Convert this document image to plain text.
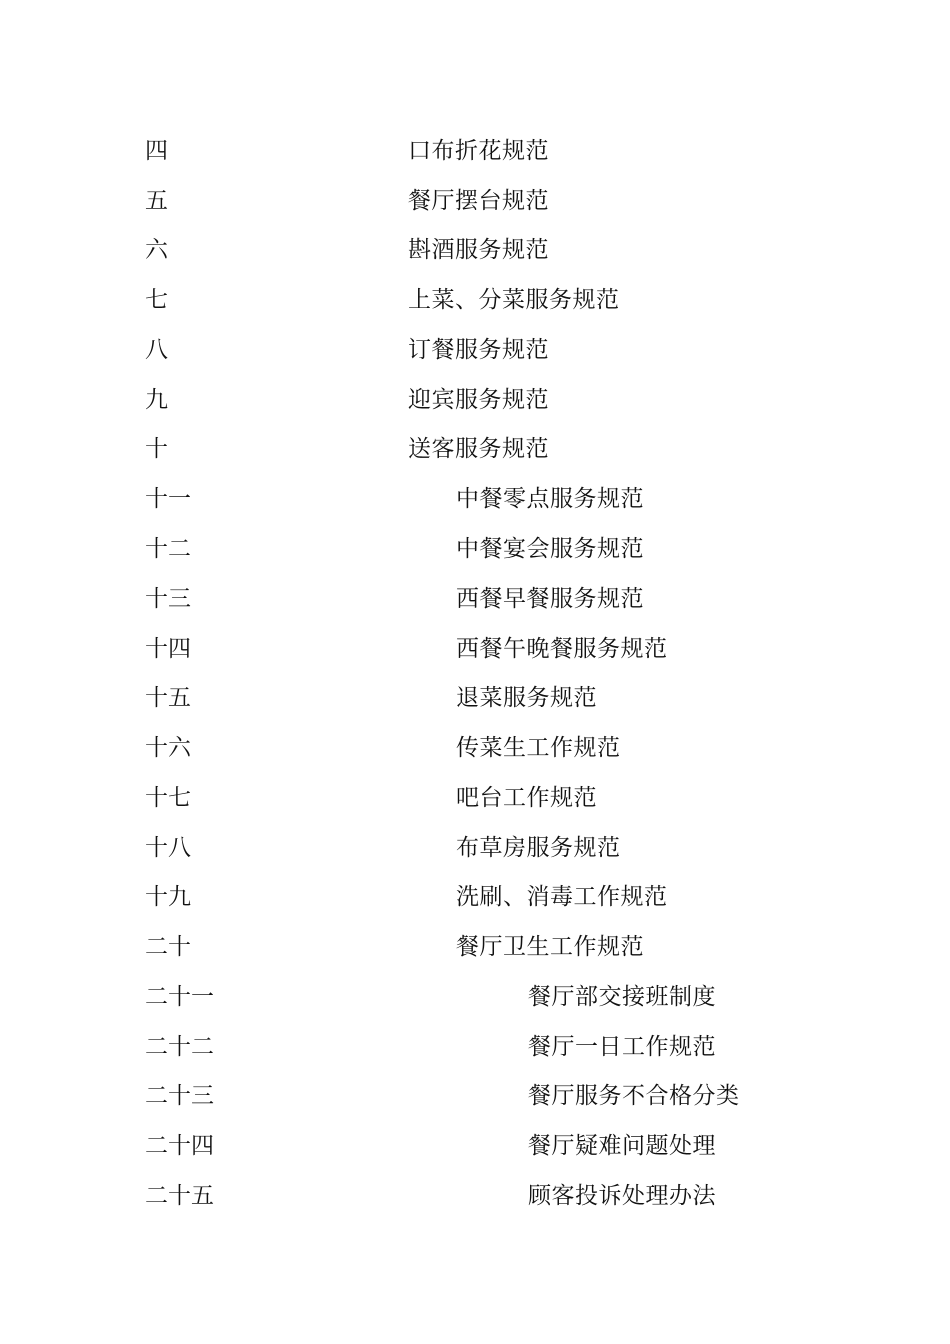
四	口布折花规范
五	餐厅摆台规范
六	斟酒服务规范
七	上菜、分菜服务规范
八	订餐服务规范
九	迎宾服务规范
十	送客服务规范
十一	中餐零点服务规范
十二	中餐宴会服务规范
十三	西餐早餐服务规范
十四	西餐午晚餐服务规范
十五	退菜服务规范
十六	传菜生工作规范
十七	吧台工作规范
十八	布草房服务规范
十九	洗刷、消毒工作规范
二十	餐厅卫生工作规范
二十一	餐厅部交接班制度
二十二	餐厅一日工作规范
二十三	餐厅服务不合格分类
二十四	餐厅疑难问题处理
二十五	顾客投诉处理办法
